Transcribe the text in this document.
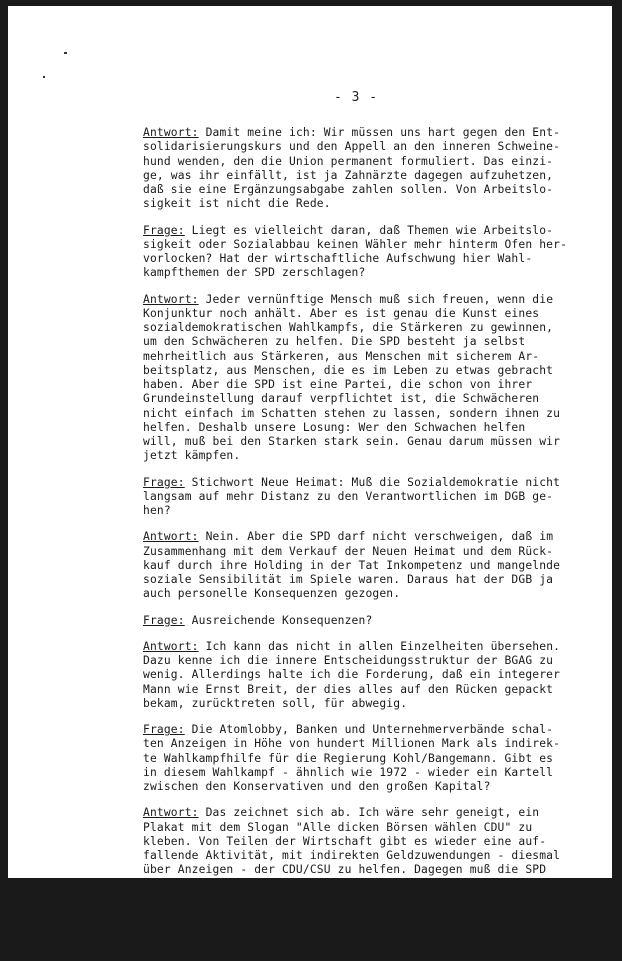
- 3 -
Antwort: Damit meine ich: Wir müssen uns hart gegen den Ent-
solidarisierungskurs und den Appell an den inneren Schweine-
hund wenden, den die Union permanent formuliert. Das einzi-
ge, was ihr einfällt, ist ja Zahnärzte dagegen aufzuhetzen,
daß sie eine Ergänzungsabgabe zahlen sollen. Von Arbeitslo-
sigkeit ist nicht die Rede.
Frage: Liegt es vielleicht daran, daß Themen wie Arbeitslo-
sigkeit oder Sozialabbau keinen Wähler mehr hinterm Ofen her-
vorlocken? Hat der wirtschaftliche Aufschwung hier Wahl-
kampfthemen der SPD zerschlagen?
Antwort: Jeder vernünftige Mensch muß sich freuen, wenn die
Konjunktur noch anhält. Aber es ist genau die Kunst eines
sozialdemokratischen Wahlkampfs, die Stärkeren zu gewinnen,
um den Schwächeren zu helfen. Die SPD besteht ja selbst
mehrheitlich aus Stärkeren, aus Menschen mit sicherem Ar-
beitsplatz, aus Menschen, die es im Leben zu etwas gebracht
haben. Aber die SPD ist eine Partei, die schon von ihrer
Grundeinstellung darauf verpflichtet ist, die Schwächeren
nicht einfach im Schatten stehen zu lassen, sondern ihnen zu
helfen. Deshalb unsere Losung: Wer den Schwachen helfen
will, muß bei den Starken stark sein. Genau darum müssen wir
jetzt kämpfen.
Frage: Stichwort Neue Heimat: Muß die Sozialdemokratie nicht
langsam auf mehr Distanz zu den Verantwortlichen im DGB ge-
hen?
Antwort: Nein. Aber die SPD darf nicht verschweigen, daß im
Zusammenhang mit dem Verkauf der Neuen Heimat und dem Rück-
kauf durch ihre Holding in der Tat Inkompetenz und mangelnde
soziale Sensibilität im Spiele waren. Daraus hat der DGB ja
auch personelle Konsequenzen gezogen.
Frage: Ausreichende Konsequenzen?
Antwort: Ich kann das nicht in allen Einzelheiten übersehen.
Dazu kenne ich die innere Entscheidungsstruktur der BGAG zu
wenig. Allerdings halte ich die Forderung, daß ein integerer
Mann wie Ernst Breit, der dies alles auf den Rücken gepackt
bekam, zurücktreten soll, für abwegig.
Frage: Die Atomlobby, Banken und Unternehmerverbände schal-
ten Anzeigen in Höhe von hundert Millionen Mark als indirek-
te Wahlkampfhilfe für die Regierung Kohl/Bangemann. Gibt es
in diesem Wahlkampf - ähnlich wie 1972 - wieder ein Kartell
zwischen den Konservativen und den großen Kapital?
Antwort: Das zeichnet sich ab. Ich wäre sehr geneigt, ein
Plakat mit dem Slogan "Alle dicken Börsen wählen CDU" zu
kleben. Von Teilen der Wirtschaft gibt es wieder eine auf-
fallende Aktivität, mit indirekten Geldzuwendungen - diesmal
über Anzeigen - der CDU/CSU zu helfen. Dagegen muß die SPD
einen Organisationswahlkampf setzen. Das heißt: Die SPD hat
nur eine Chance durch den Mundfunk von hunderttausenden So-
zialdemokraten. In der Anzeigenbelegung ist die SPD der Koa-
lition vermutlich in einem Verhältnis von acht zu eins un-
terlegen.
